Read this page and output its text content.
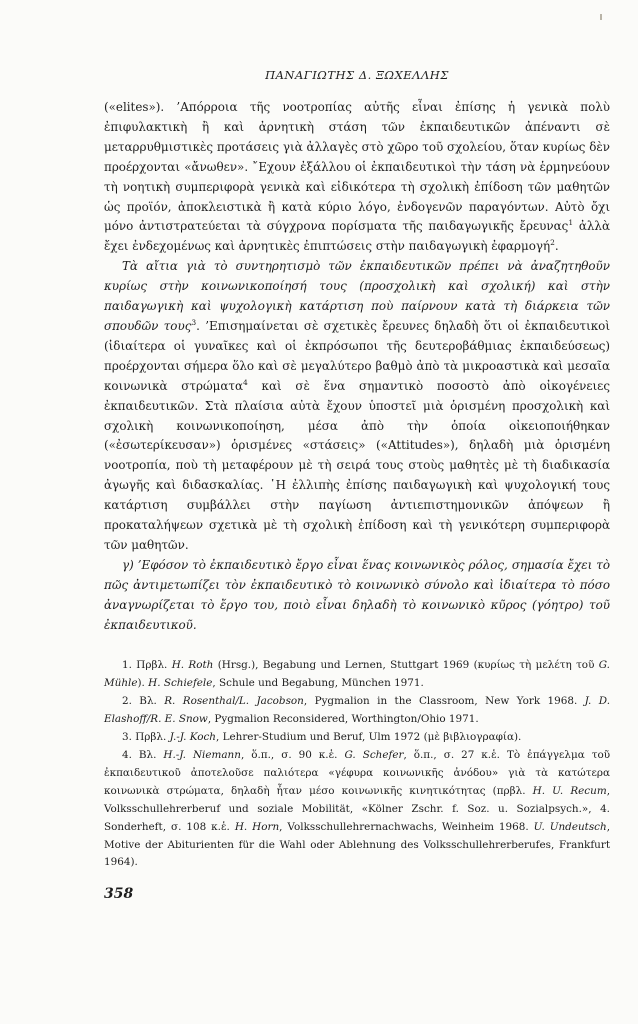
ΠΑΝΑΓΙΩΤΗΣ Δ. ΞΩΧΕΛΛΗΣ

(«elites»). ’Απόρροια τῆς νοοτροπίας αὐτῆς εἶναι ἐπίσης ἡ γενικὰ πολὺ ἐπιφυλακτικὴ ἢ καὶ ἀρνητικὴ στάση τῶν ἐκπαιδευτικῶν ἀπέναντι σὲ μεταρρυθμιστικὲς προτάσεις γιὰ ἀλλαγὲς στὸ χῶρο τοῦ σχολείου, ὅταν κυρίως δὲν προέρχονται «ἄνωθεν». ῎Εχουν ἐξάλλου οἱ ἐκπαιδευτικοὶ τὴν τάση νὰ ἑρμηνεύουν τὴ νοητικὴ συμπεριφορὰ γενικὰ καὶ εἰδικότερα τὴ σχολικὴ ἐπίδοση τῶν μαθητῶν ὡς προϊόν, ἀποκλειστικὰ ἢ κατὰ κύριο λόγο, ἐνδογενῶν παραγόντων. Αὐτὸ ὄχι μόνο ἀντιστρατεύεται τὰ σύγχρονα πορίσματα τῆς παιδαγωγικῆς ἔρευνας$^1$ ἀλλὰ ἔχει ἐνδεχομένως καὶ ἀρνητικὲς ἐπιπτώσεις στὴν παιδαγωγικὴ ἐφαρμογή$^2$.

Τὰ αἴτια γιὰ τὸ συντηρητισμὸ τῶν ἐκπαιδευτικῶν πρέπει νὰ ἀναζητηθοῦν κυρίως στὴν κοινωνικοποίησή τους (προσχολικὴ καὶ σχολική) καὶ στὴν παιδαγωγικὴ καὶ ψυχολογικὴ κατάρτιση ποὺ παίρνουν κατὰ τὴ διάρκεια τῶν σπουδῶν τους$^3$. ’Επισημαίνεται σὲ σχετικὲς ἔρευνες δηλαδὴ ὅτι οἱ ἐκπαιδευτικοὶ (ἰδιαίτερα οἱ γυναῖκες καὶ οἱ ἐκπρόσωποι τῆς δευτεροβάθμιας ἐκπαιδεύσεως) προέρχονται σήμερα ὅλο καὶ σὲ μεγαλύτερο βαθμὸ ἀπὸ τὰ μικροαστικὰ καὶ μεσαῖα κοινωνικὰ στρώματα$^4$ καὶ σὲ ἕνα σημαντικὸ ποσοστὸ ἀπὸ οἰκογένειες ἐκπαιδευτικῶν. Στὰ πλαίσια αὐτὰ ἔχουν ὑποστεῖ μιὰ ὁρισμένη προσχολικὴ καὶ σχολικὴ κοινωνικοποίηση, μέσα ἀπὸ τὴν ὁποία οἰκειοποιήθηκαν («ἐσωτερίκευσαν») ὁρισμένες «στάσεις» («Attitudes»), δηλαδὴ μιὰ ὁρισμένη νοοτροπία, ποὺ τὴ μεταφέρουν μὲ τὴ σειρά τους στοὺς μαθητὲς μὲ τὴ διαδικασία ἀγωγῆς καὶ διδασκαλίας. ῾Η ἐλλιπὴς ἐπίσης παιδαγωγικὴ καὶ ψυχολογική τους κατάρτιση συμβάλλει στὴν παγίωση ἀντιεπιστημονικῶν ἀπόψεων ἢ προκαταλήψεων σχετικὰ μὲ τὴ σχολικὴ ἐπίδοση καὶ τὴ γενικότερη συμπεριφορὰ τῶν μαθητῶν.

γ) ’Εφόσον τὸ ἐκπαιδευτικὸ ἔργο εἶναι ἕνας κοινωνικὸς ρόλος, σημασία ἔχει τὸ πῶς ἀντιμετωπίζει τὸν ἐκπαιδευτικὸ τὸ κοινωνικὸ σύνολο καὶ ἰδιαίτερα τὸ πόσο ἀναγνωρίζεται τὸ ἔργο του, ποιὸ εἶναι δηλαδὴ τὸ κοινωνικὸ κῦρος (γόητρο) τοῦ ἐκπαιδευτικοῦ.

1. Πρβλ. H. Roth (Hrsg.), Begabung und Lernen, Stuttgart 1969 (κυρίως τὴ μελέτη τοῦ G. Mühle). H. Schiefele, Schule und Begabung, München 1971.

2. Βλ. R. Rosenthal/L. Jacobson, Pygmalion in the Classroom, New York 1968. J. D. Elashoff/R. E. Snow, Pygmalion Reconsidered, Worthington/Ohio 1971.

3. Πρβλ. J.-J. Koch, Lehrer-Studium und Beruf, Ulm 1972 (μὲ βιβλιογραφία).

4. Βλ. H.-J. Niemann, ὅ.π., σ. 90 κ.ἑ. G. Schefer, ὅ.π., σ. 27 κ.ἑ. Τὸ ἐπάγγελμα τοῦ ἐκπαιδευτικοῦ ἀποτελοῦσε παλιότερα «γέφυρα κοινωνικῆς ἀνόδου» γιὰ τὰ κατώτερα κοινωνικὰ στρώματα, δηλαδὴ ἦταν μέσο κοινωνικῆς κινητικότητας (πρβλ. H. U. Recum, Volksschullehrerberuf und soziale Mobilität, «Kölner Zschr. f. Soz. u. Sozialpsych.», 4. Sonderheft, σ. 108 κ.ἑ. H. Horn, Volksschullehrernachwachs, Weinheim 1968. U. Undeutsch, Motive der Abiturienten für die Wahl oder Ablehnung des Volksschullehrerberufes, Frankfurt 1964).

358
